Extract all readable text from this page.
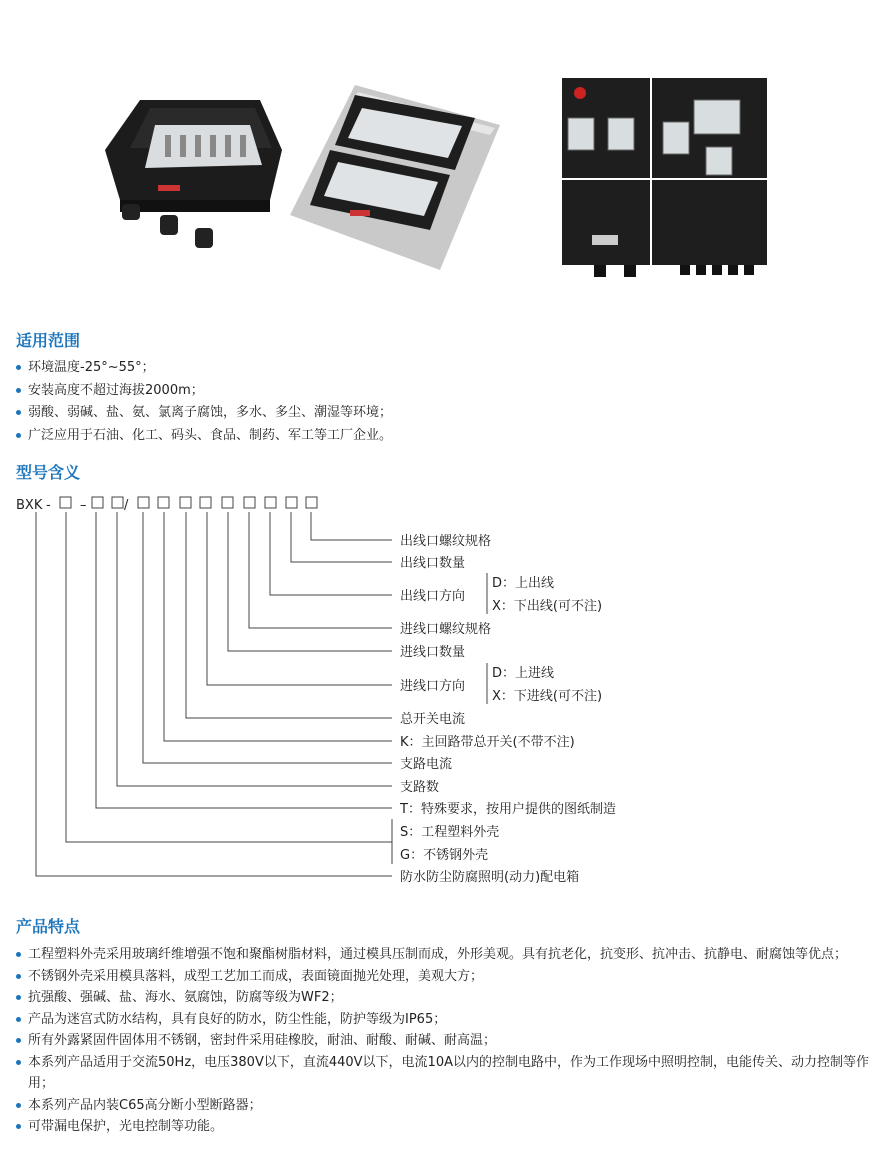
适用范围
环境温度-25°~55°；
安装高度不超过海拔2000m；
弱酸、弱碱、盐、氨、氯离子腐蚀，多水、多尘、潮湿等环境；
广泛应用于石油、化工、码头、食品、制药、军工等工厂企业。
型号含义
BXK - –	/
出线口螺纹规格
出线口数量
出线口方向
D：上出线
X：下出线(可不注)
进线口螺纹规格
进线口数量
进线口方向
D：上进线
X：下进线(可不注)
总开关电流
K：主回路带总开关(不带不注)
支路电流
支路数
T：特殊要求，按用户提供的图纸制造
S：工程塑料外壳
G：不锈钢外壳
防水防尘防腐照明(动力)配电箱
产品特点
工程塑料外壳采用玻璃纤维增强不饱和聚酯树脂材料，通过模具压制而成，外形美观。具有抗老化，抗变形、抗冲击、抗静电、耐腐蚀等优点；
不锈钢外壳采用模具落料，成型工艺加工而成，表面镜面抛光处理，美观大方；
抗强酸、强碱、盐、海水、氨腐蚀，防腐等级为WF2；
产品为迷宫式防水结构，具有良好的防水，防尘性能，防护等级为IP65；
所有外露紧固件固体用不锈钢，密封件采用硅橡胶，耐油、耐酸、耐碱、耐高温；
本系列产品适用于交流50Hz，电压380V以下，直流440V以下，电流10A以内的控制电路中，作为工作现场中照明控制，电能传关、动力控制等作用；
本系列产品内装C65高分断小型断路器；
可带漏电保护，光电控制等功能。
